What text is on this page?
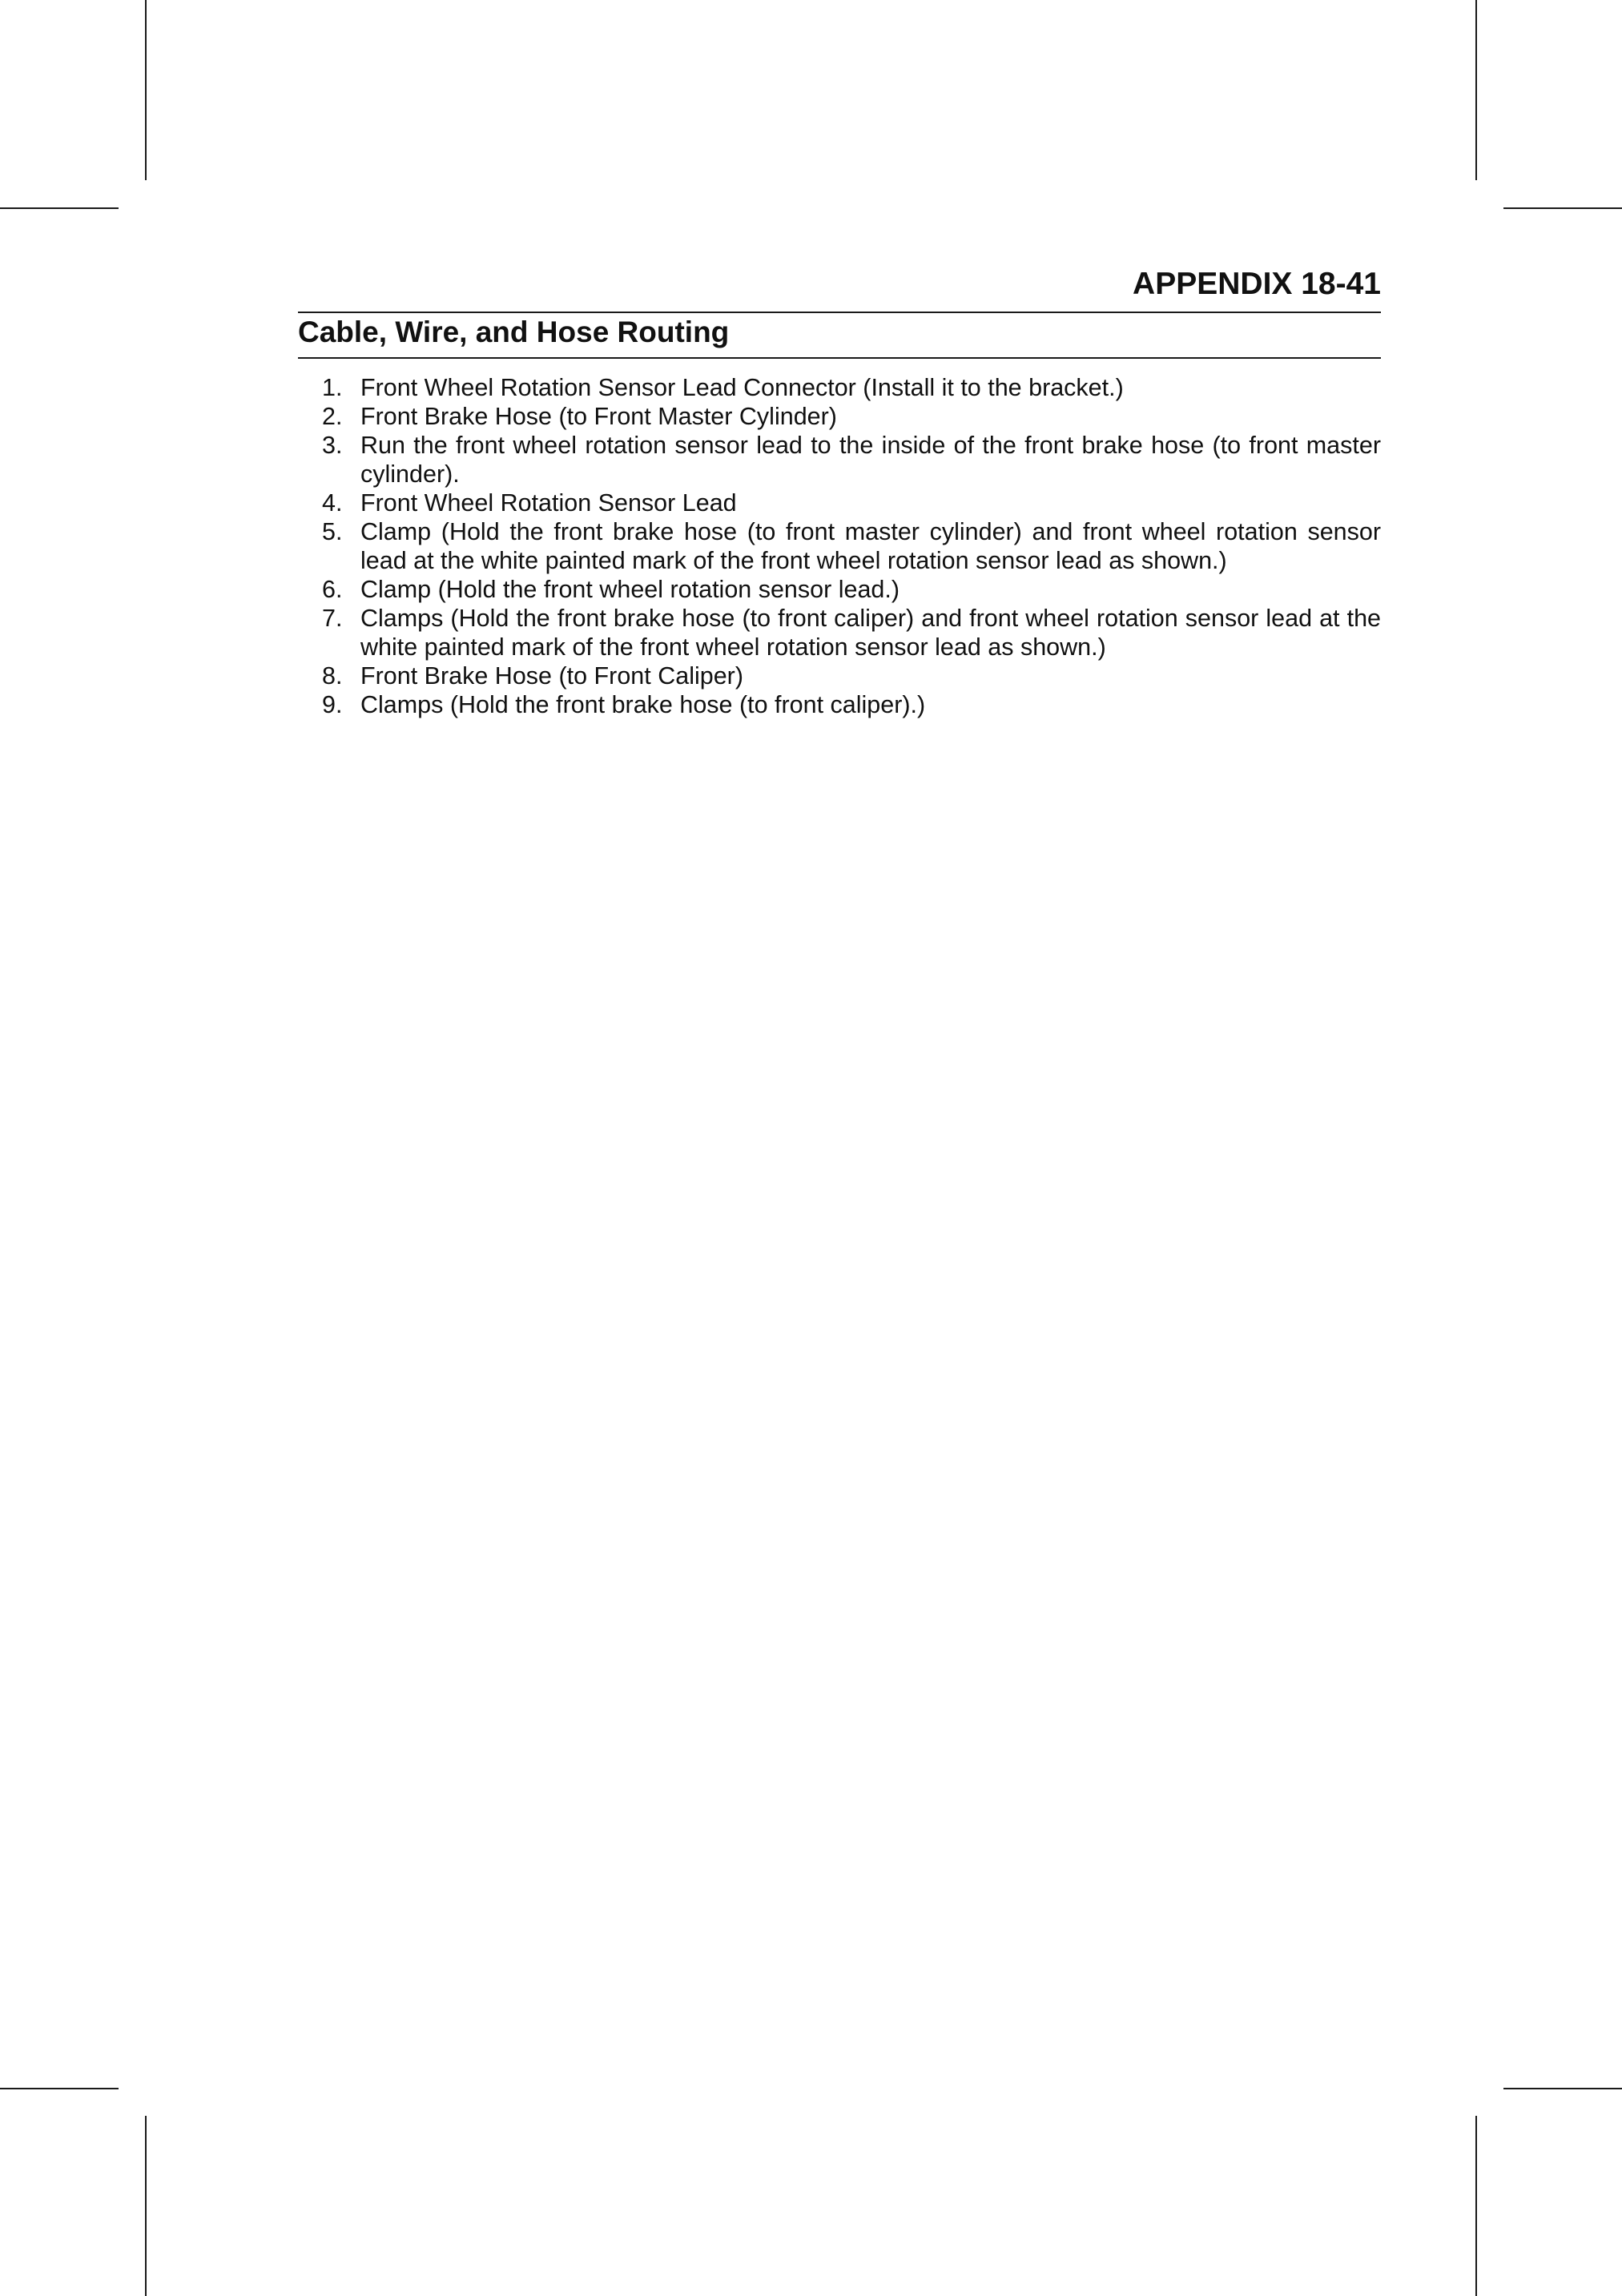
APPENDIX 18-41
Cable, Wire, and Hose Routing
1. Front Wheel Rotation Sensor Lead Connector (Install it to the bracket.)
2. Front Brake Hose (to Front Master Cylinder)
3. Run the front wheel rotation sensor lead to the inside of the front brake hose (to front master cylinder).
4. Front Wheel Rotation Sensor Lead
5. Clamp (Hold the front brake hose (to front master cylinder) and front wheel rotation sensor lead at the white painted mark of the front wheel rotation sensor lead as shown.)
6. Clamp (Hold the front wheel rotation sensor lead.)
7. Clamps (Hold the front brake hose (to front caliper) and front wheel rotation sensor lead at the white painted mark of the front wheel rotation sensor lead as shown.)
8. Front Brake Hose (to Front Caliper)
9. Clamps (Hold the front brake hose (to front caliper).)
